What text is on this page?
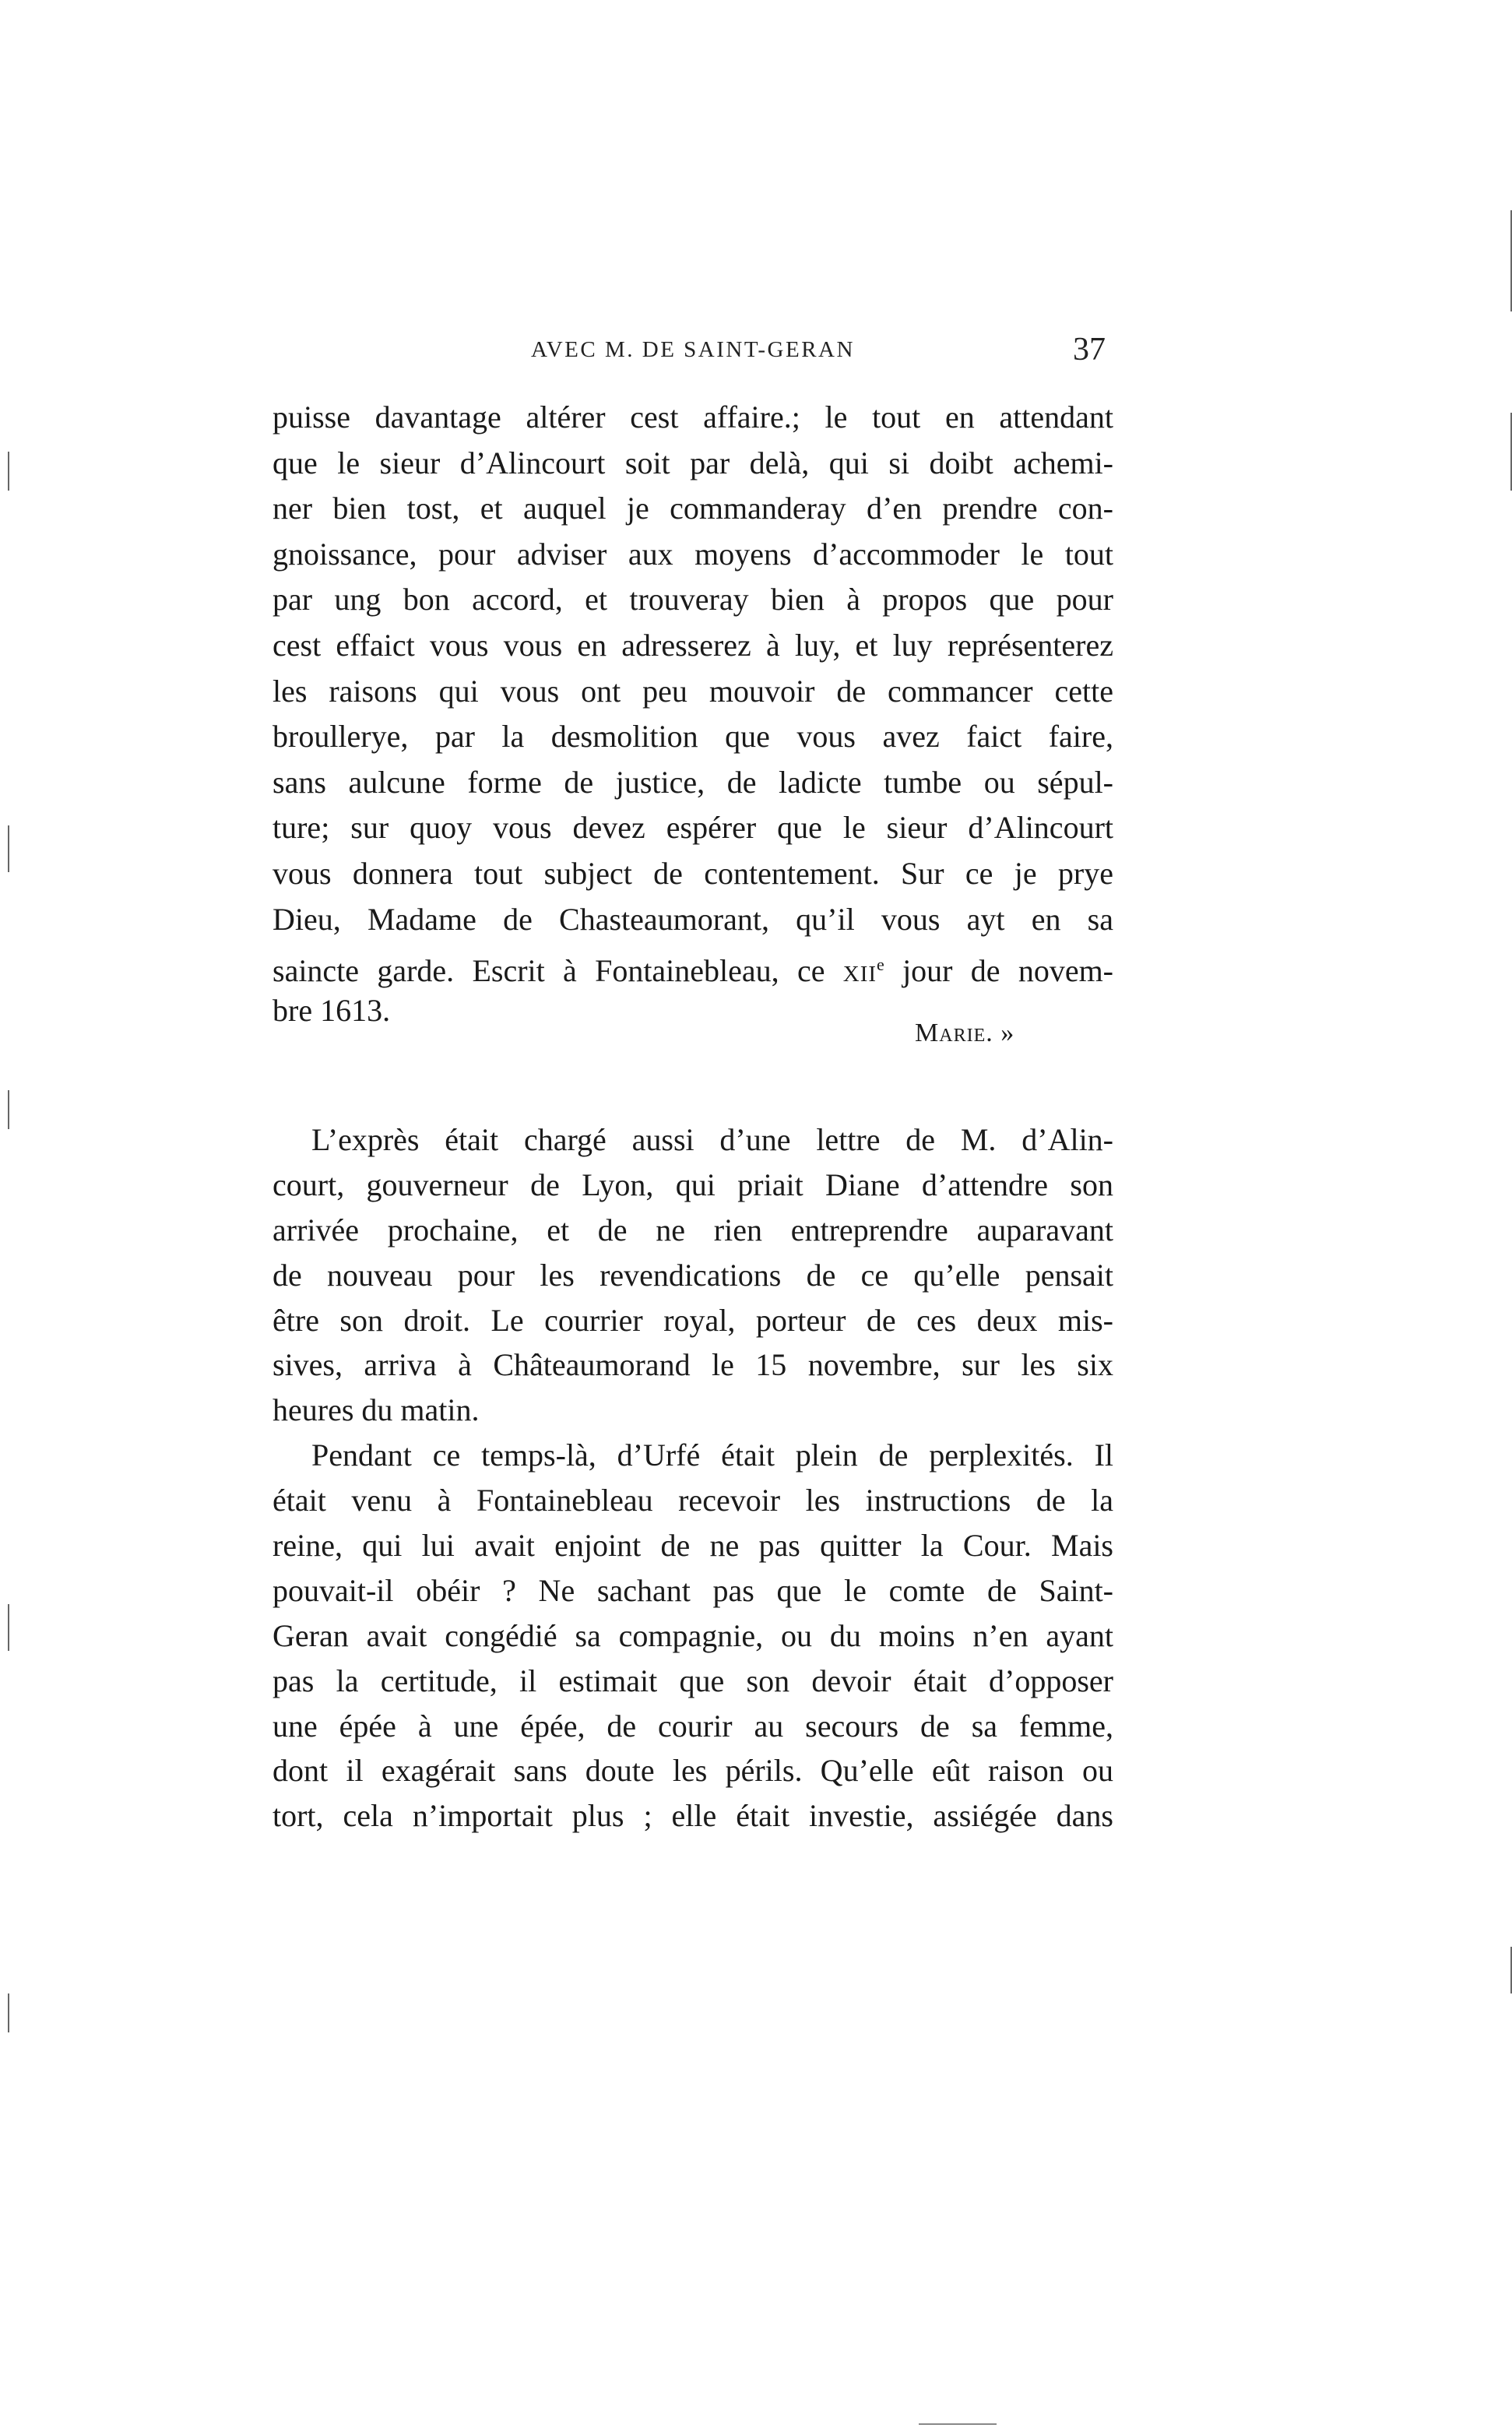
AVEC M. DE SAINT-GERAN	37
puisse davantage altérer cest affaire.; le tout en attendant
que le sieur d’Alincourt soit par delà, qui si doibt achemi-
ner bien tost, et auquel je commanderay d’en prendre con-
gnoissance, pour adviser aux moyens d’accommoder le tout
par ung bon accord, et trouveray bien à propos que pour
cest effaict vous vous en adresserez à luy, et luy représenterez
les raisons qui vous ont peu mouvoir de commancer cette
broullerye, par la desmolition que vous avez faict faire,
sans aulcune forme de justice, de ladicte tumbe ou sépul-
ture; sur quoy vous devez espérer que le sieur d’Alincourt
vous donnera tout subject de contentement. Sur ce je prye
Dieu, Madame de Chasteaumorant, qu’il vous ayt en sa
saincte garde. Escrit à Fontainebleau, ce XIIe jour de novem-
bre 1613.
Marie. »
L’exprès était chargé aussi d’une lettre de M. d’Alin-
court, gouverneur de Lyon, qui priait Diane d’attendre son
arrivée prochaine, et de ne rien entreprendre auparavant
de nouveau pour les revendications de ce qu’elle pensait
être son droit. Le courrier royal, porteur de ces deux mis-
sives, arriva à Châteaumorand le 15 novembre, sur les six
heures du matin.
Pendant ce temps-là, d’Urfé était plein de perplexités. Il
était venu à Fontainebleau recevoir les instructions de la
reine, qui lui avait enjoint de ne pas quitter la Cour. Mais
pouvait-il obéir ? Ne sachant pas que le comte de Saint-
Geran avait congédié sa compagnie, ou du moins n’en ayant
pas la certitude, il estimait que son devoir était d’opposer
une épée à une épée, de courir au secours de sa femme,
dont il exagérait sans doute les périls. Qu’elle eût raison ou
tort, cela n’importait plus ; elle était investie, assiégée dans
